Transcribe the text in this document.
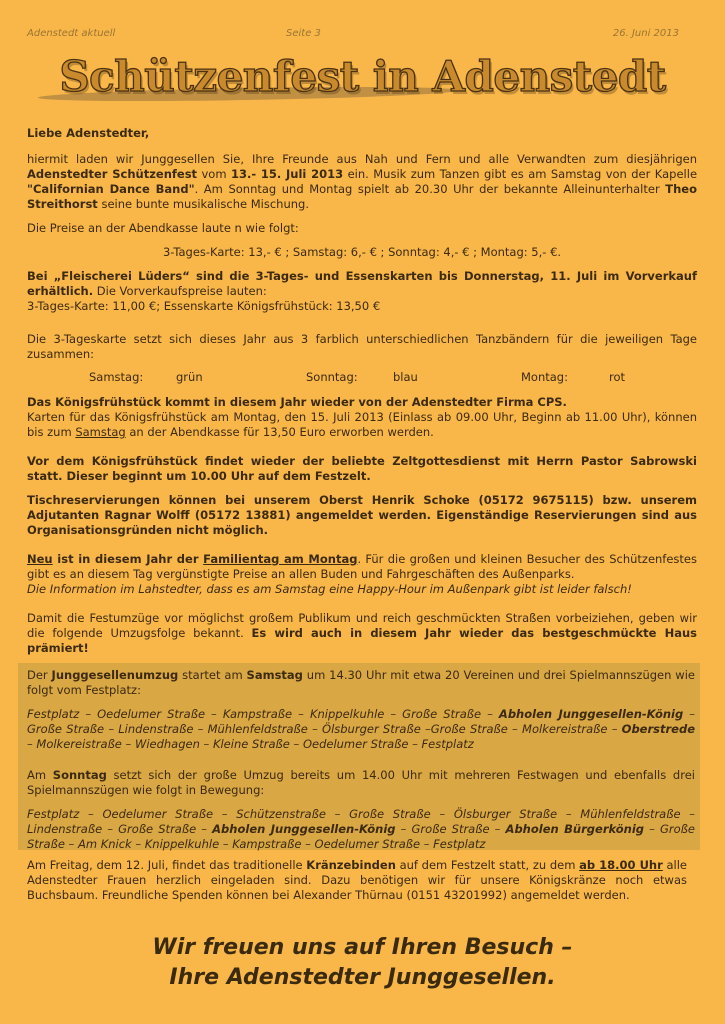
Adenstedt aktuell	Seite 3	26. Juni 2013
Schützenfest in Adenstedt

Liebe Adenstedter,

hiermit laden wir Junggesellen Sie, Ihre Freunde aus Nah und Fern und alle Verwandten zum diesjährigen Adenstedter Schützenfest vom 13.- 15. Juli 2013 ein. Musik zum Tanzen gibt es am Samstag von der Kapelle "Californian Dance Band". Am Sonntag und Montag spielt ab 20.30 Uhr der bekannte Alleinunterhalter Theo Streithorst seine bunte musikalische Mischung.

Die Preise an der Abendkasse laute n wie folgt:

3-Tages-Karte: 13,- € ; Samstag: 6,- € ; Sonntag: 4,- € ; Montag: 5,- €.

Bei „Fleischerei Lüders“ sind die 3-Tages- und Essenskarten bis Donnerstag, 11. Juli im Vorverkauf erhältlich. Die Vorverkaufspreise lauten:
3-Tages-Karte: 11,00 €; Essenskarte Königsfrühstück: 13,50 €

Die 3-Tageskarte setzt sich dieses Jahr aus 3 farblich unterschiedlichen Tanzbändern für die jeweiligen Tage zusammen:

Samstag:	grün	Sonntag:	blau	Montag:	rot

Das Königsfrühstück kommt in diesem Jahr wieder von der Adenstedter Firma CPS.
Karten für das Königsfrühstück am Montag, den 15. Juli 2013 (Einlass ab 09.00 Uhr, Beginn ab 11.00 Uhr), können bis zum Samstag an der Abendkasse für 13,50 Euro erworben werden.

Vor dem Königsfrühstück findet wieder der beliebte Zeltgottesdienst mit Herrn Pastor Sabrowski statt. Dieser beginnt um 10.00 Uhr auf dem Festzelt.

Tischreservierungen können bei unserem Oberst Henrik Schoke (05172 9675115) bzw. unserem Adjutanten Ragnar Wolff (05172 13881) angemeldet werden. Eigenständige Reservierungen sind aus Organisationsgründen nicht möglich.

Neu ist in diesem Jahr der Familientag am Montag. Für die großen und kleinen Besucher des Schützenfestes gibt es an diesem Tag vergünstigte Preise an allen Buden und Fahrgeschäften des Außenparks.
Die Information im Lahstedter, dass es am Samstag eine Happy-Hour im Außenpark gibt ist leider falsch!

Damit die Festumzüge vor möglichst großem Publikum und reich geschmückten Straßen vorbeiziehen, geben wir die folgende Umzugsfolge bekannt. Es wird auch in diesem Jahr wieder das bestgeschmückte Haus prämiert!

Der Junggesellenumzug startet am Samstag um 14.30 Uhr mit etwa 20 Vereinen und drei Spielmannszügen wie folgt vom Festplatz:

Festplatz – Oedelumer Straße – Kampstraße – Knippelkuhle – Große Straße – Abholen Junggesellen-König – Große Straße – Lindenstraße – Mühlenfeldstraße – Ölsburger Straße –Große Straße – Molkereistraße – Oberstrede – Molkereistraße – Wiedhagen – Kleine Straße – Oedelumer Straße – Festplatz

Am Sonntag setzt sich der große Umzug bereits um 14.00 Uhr mit mehreren Festwagen und ebenfalls drei Spielmannszügen wie folgt in Bewegung:

Festplatz – Oedelumer Straße – Schützenstraße – Große Straße – Ölsburger Straße – Mühlenfeldstraße – Lindenstraße – Große Straße – Abholen Junggesellen-König – Große Straße – Abholen Bürgerkönig – Große Straße – Am Knick – Knippelkuhle – Kampstraße – Oedelumer Straße – Festplatz

Am Freitag, dem 12. Juli, findet das traditionelle Kränzebinden auf dem Festzelt statt, zu dem ab 18.00 Uhr alle Adenstedter Frauen herzlich eingeladen sind. Dazu benötigen wir für unsere Königskränze noch etwas Buchsbaum. Freundliche Spenden können bei Alexander Thürnau (0151 43201992) angemeldet werden.
Wir freuen uns auf Ihren Besuch –
Ihre Adenstedter Junggesellen.
